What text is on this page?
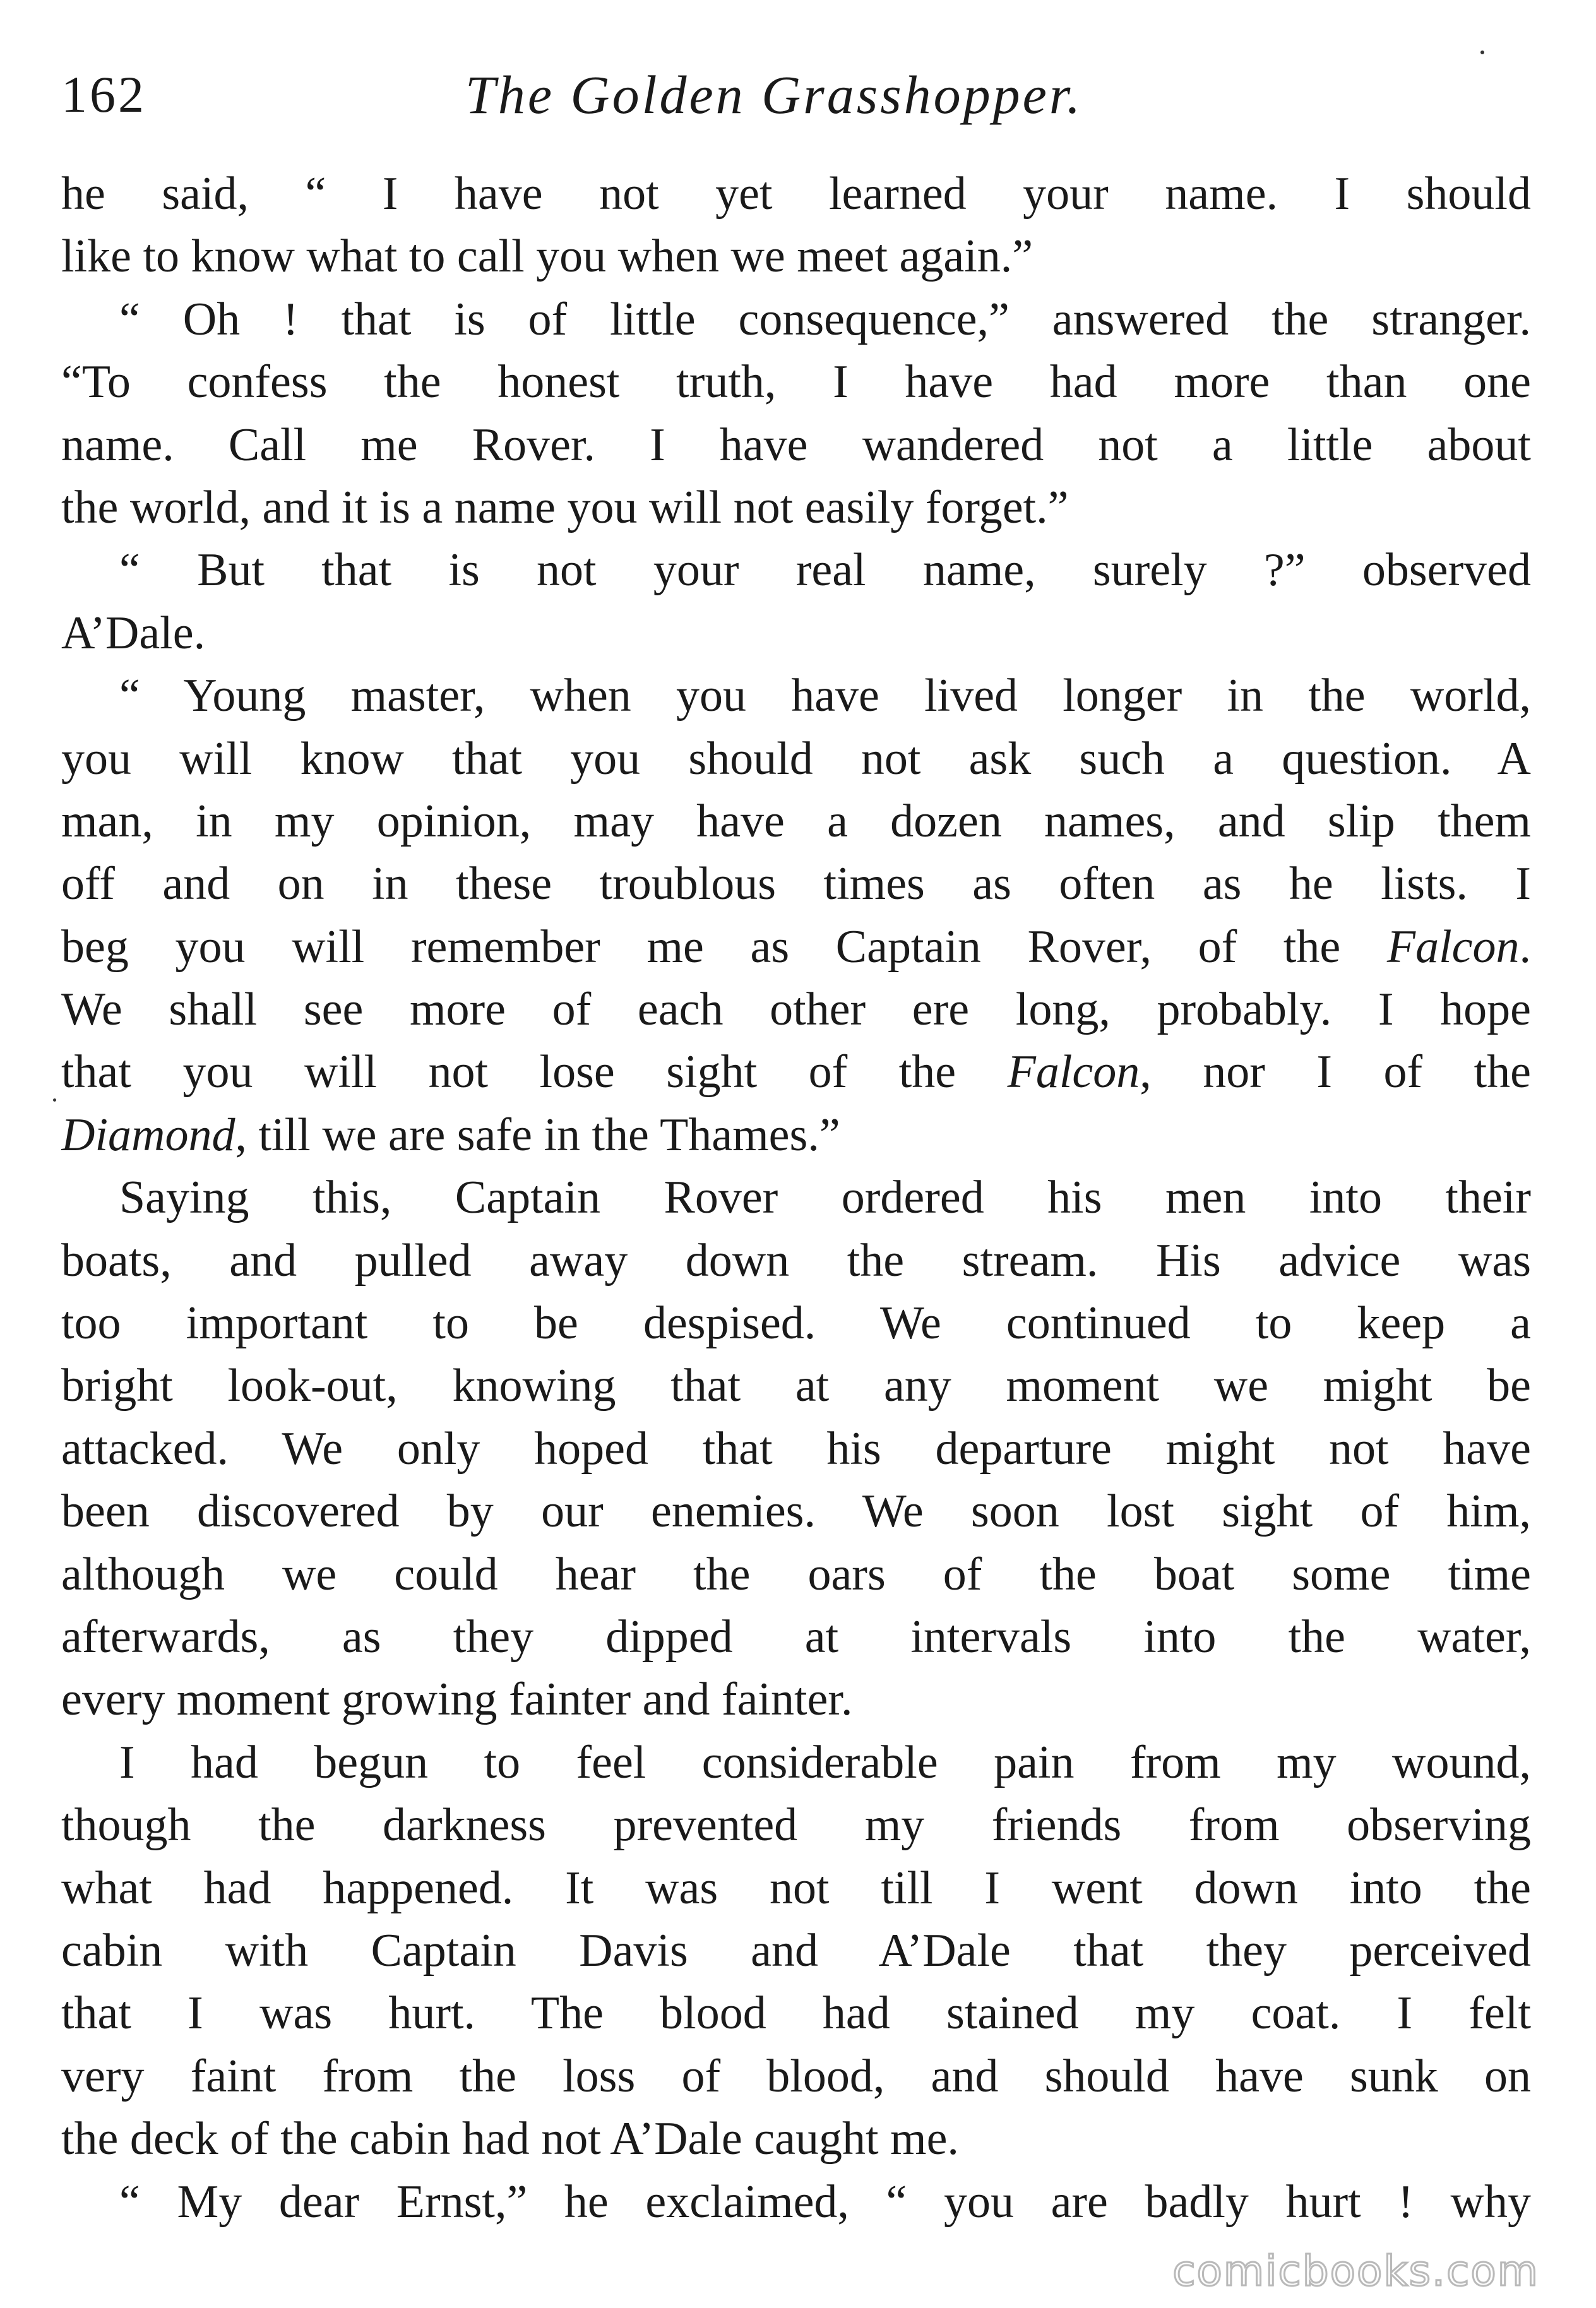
162	The Golden Grasshopper.
he said, “ I have not yet learned your name. I should
like to know what to call you when we meet again.”
“ Oh ! that is of little consequence,” answered the stranger.
“To confess the honest truth, I have had more than one
name. Call me Rover. I have wandered not a little about
the world, and it is a name you will not easily forget.”
“ But that is not your real name, surely ?” observed
A’Dale.
“ Young master, when you have lived longer in the world,
you will know that you should not ask such a question. A
man, in my opinion, may have a dozen names, and slip them
off and on in these troublous times as often as he lists. I
beg you will remember me as Captain Rover, of the Falcon.
We shall see more of each other ere long, probably. I hope
that you will not lose sight of the Falcon, nor I of the
Diamond, till we are safe in the Thames.”
Saying this, Captain Rover ordered his men into their
boats, and pulled away down the stream. His advice was
too important to be despised. We continued to keep a
bright look-out, knowing that at any moment we might be
attacked. We only hoped that his departure might not have
been discovered by our enemies. We soon lost sight of him,
although we could hear the oars of the boat some time
afterwards, as they dipped at intervals into the water,
every moment growing fainter and fainter.
I had begun to feel considerable pain from my wound,
though the darkness prevented my friends from observing
what had happened. It was not till I went down into the
cabin with Captain Davis and A’Dale that they perceived
that I was hurt. The blood had stained my coat. I felt
very faint from the loss of blood, and should have sunk on
the deck of the cabin had not A’Dale caught me.
“ My dear Ernst,” he exclaimed, “ you are badly hurt ! why
comicbooks.com
